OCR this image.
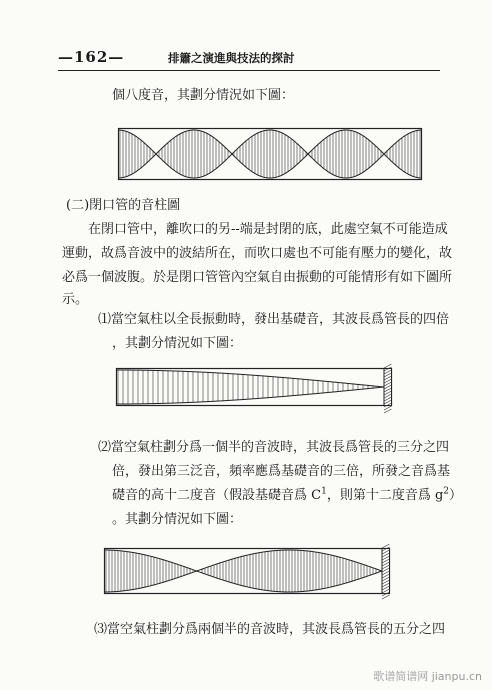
—162—	排簫之演進與技法的探討
個八度音，其劃分情況如下圖：
(二)閉口管的音柱圖
在閉口管中，離吹口的另--端是封閉的底，此處空氣不可能造成
運動，故爲音波中的波結所在，而吹口處也不可能有壓力的變化，故
必爲一個波腹。於是閉口管管內空氣自由振動的可能情形有如下圖所
示。
⑴當空氣柱以全長振動時，發出基礎音，其波長爲管長的四倍
，其劃分情況如下圖：
⑵當空氣柱劃分爲一個半的音波時，其波長爲管長的三分之四
倍，發出第三泛音，頻率應爲基礎音的三倍，所發之音爲基
礎音的高十二度音（假設基礎音爲 $C^1$，則第十二度音爲 $g^2$）
。其劃分情況如下圖：
⑶當空氣柱劃分爲兩個半的音波時，其波長爲管長的五分之四
歌谱简谱网 jianpu.cn
